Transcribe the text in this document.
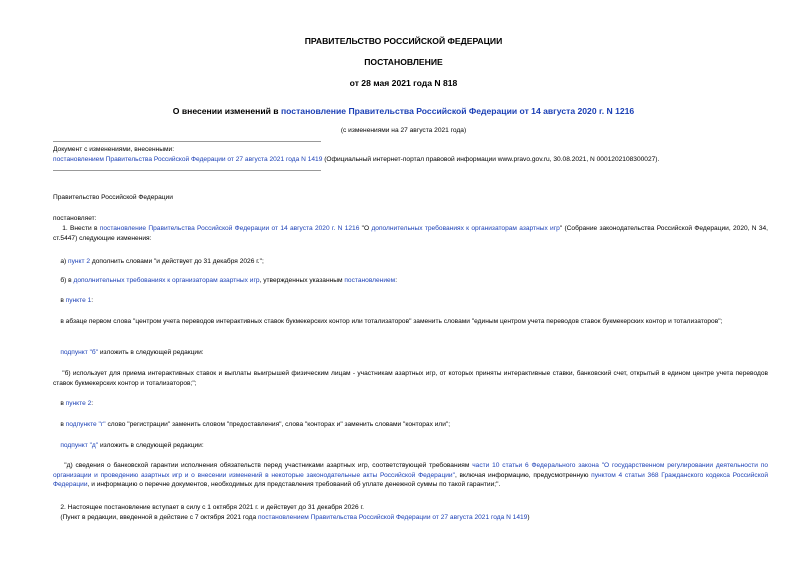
ПРАВИТЕЛЬСТВО РОССИЙСКОЙ ФЕДЕРАЦИИ
ПОСТАНОВЛЕНИЕ
от 28 мая 2021 года N 818
О внесении изменений в постановление Правительства Российской Федерации от 14 августа 2020 г. N 1216
(с изменениями на 27 августа 2021 года)
Документ с изменениями, внесенными:
постановлением Правительства Российской Федерации от 27 августа 2021 года N 1419 (Официальный интернет-портал правовой информации www.pravo.gov.ru, 30.08.2021, N 0001202108300027).
Правительство Российской Федерации
постановляет:
1. Внести в постановление Правительства Российской Федерации от 14 августа 2020 г. N 1216 "О дополнительных требованиях к организаторам азартных игр" (Собрание законодательства Российской Федерации, 2020, N 34, ст.5447) следующие изменения:
а) пункт 2 дополнить словами "и действует до 31 декабря 2026 г.";
б) в дополнительных требованиях к организаторам азартных игр, утвержденных указанным постановлением:
в пункте 1:
в абзаце первом слова "центром учета переводов интерактивных ставок букмекерских контор или тотализаторов" заменить словами "единым центром учета переводов ставок букмекерских контор и тотализаторов";
подпункт "б" изложить в следующей редакции:
"б) использует для приема интерактивных ставок и выплаты выигрышей физическим лицам - участникам азартных игр, от которых приняты интерактивные ставки, банковский счет, открытый в едином центре учета переводов ставок букмекерских контор и тотализаторов;";
в пункте 2:
в подпункте "г" слово "регистрации" заменить словом "предоставления", слова "конторах и" заменить словами "конторах или";
подпункт "д" изложить в следующей редакции:
"д) сведения о банковской гарантии исполнения обязательств перед участниками азартных игр, соответствующей требованиям части 10 статьи 6 Федерального закона "О государственном регулировании деятельности по организации и проведению азартных игр и о внесении изменений в некоторые законодательные акты Российской Федерации", включая информацию, предусмотренную пунктом 4 статьи 368 Гражданского кодекса Российской Федерации, и информацию о перечне документов, необходимых для представления требований об уплате денежной суммы по такой гарантии;".
2. Настоящее постановление вступает в силу с 1 октября 2021 г. и действует до 31 декабря 2026 г.
(Пункт в редакции, введенной в действие с 7 октября 2021 года постановлением Правительства Российской Федерации от 27 августа 2021 года N 1419)
